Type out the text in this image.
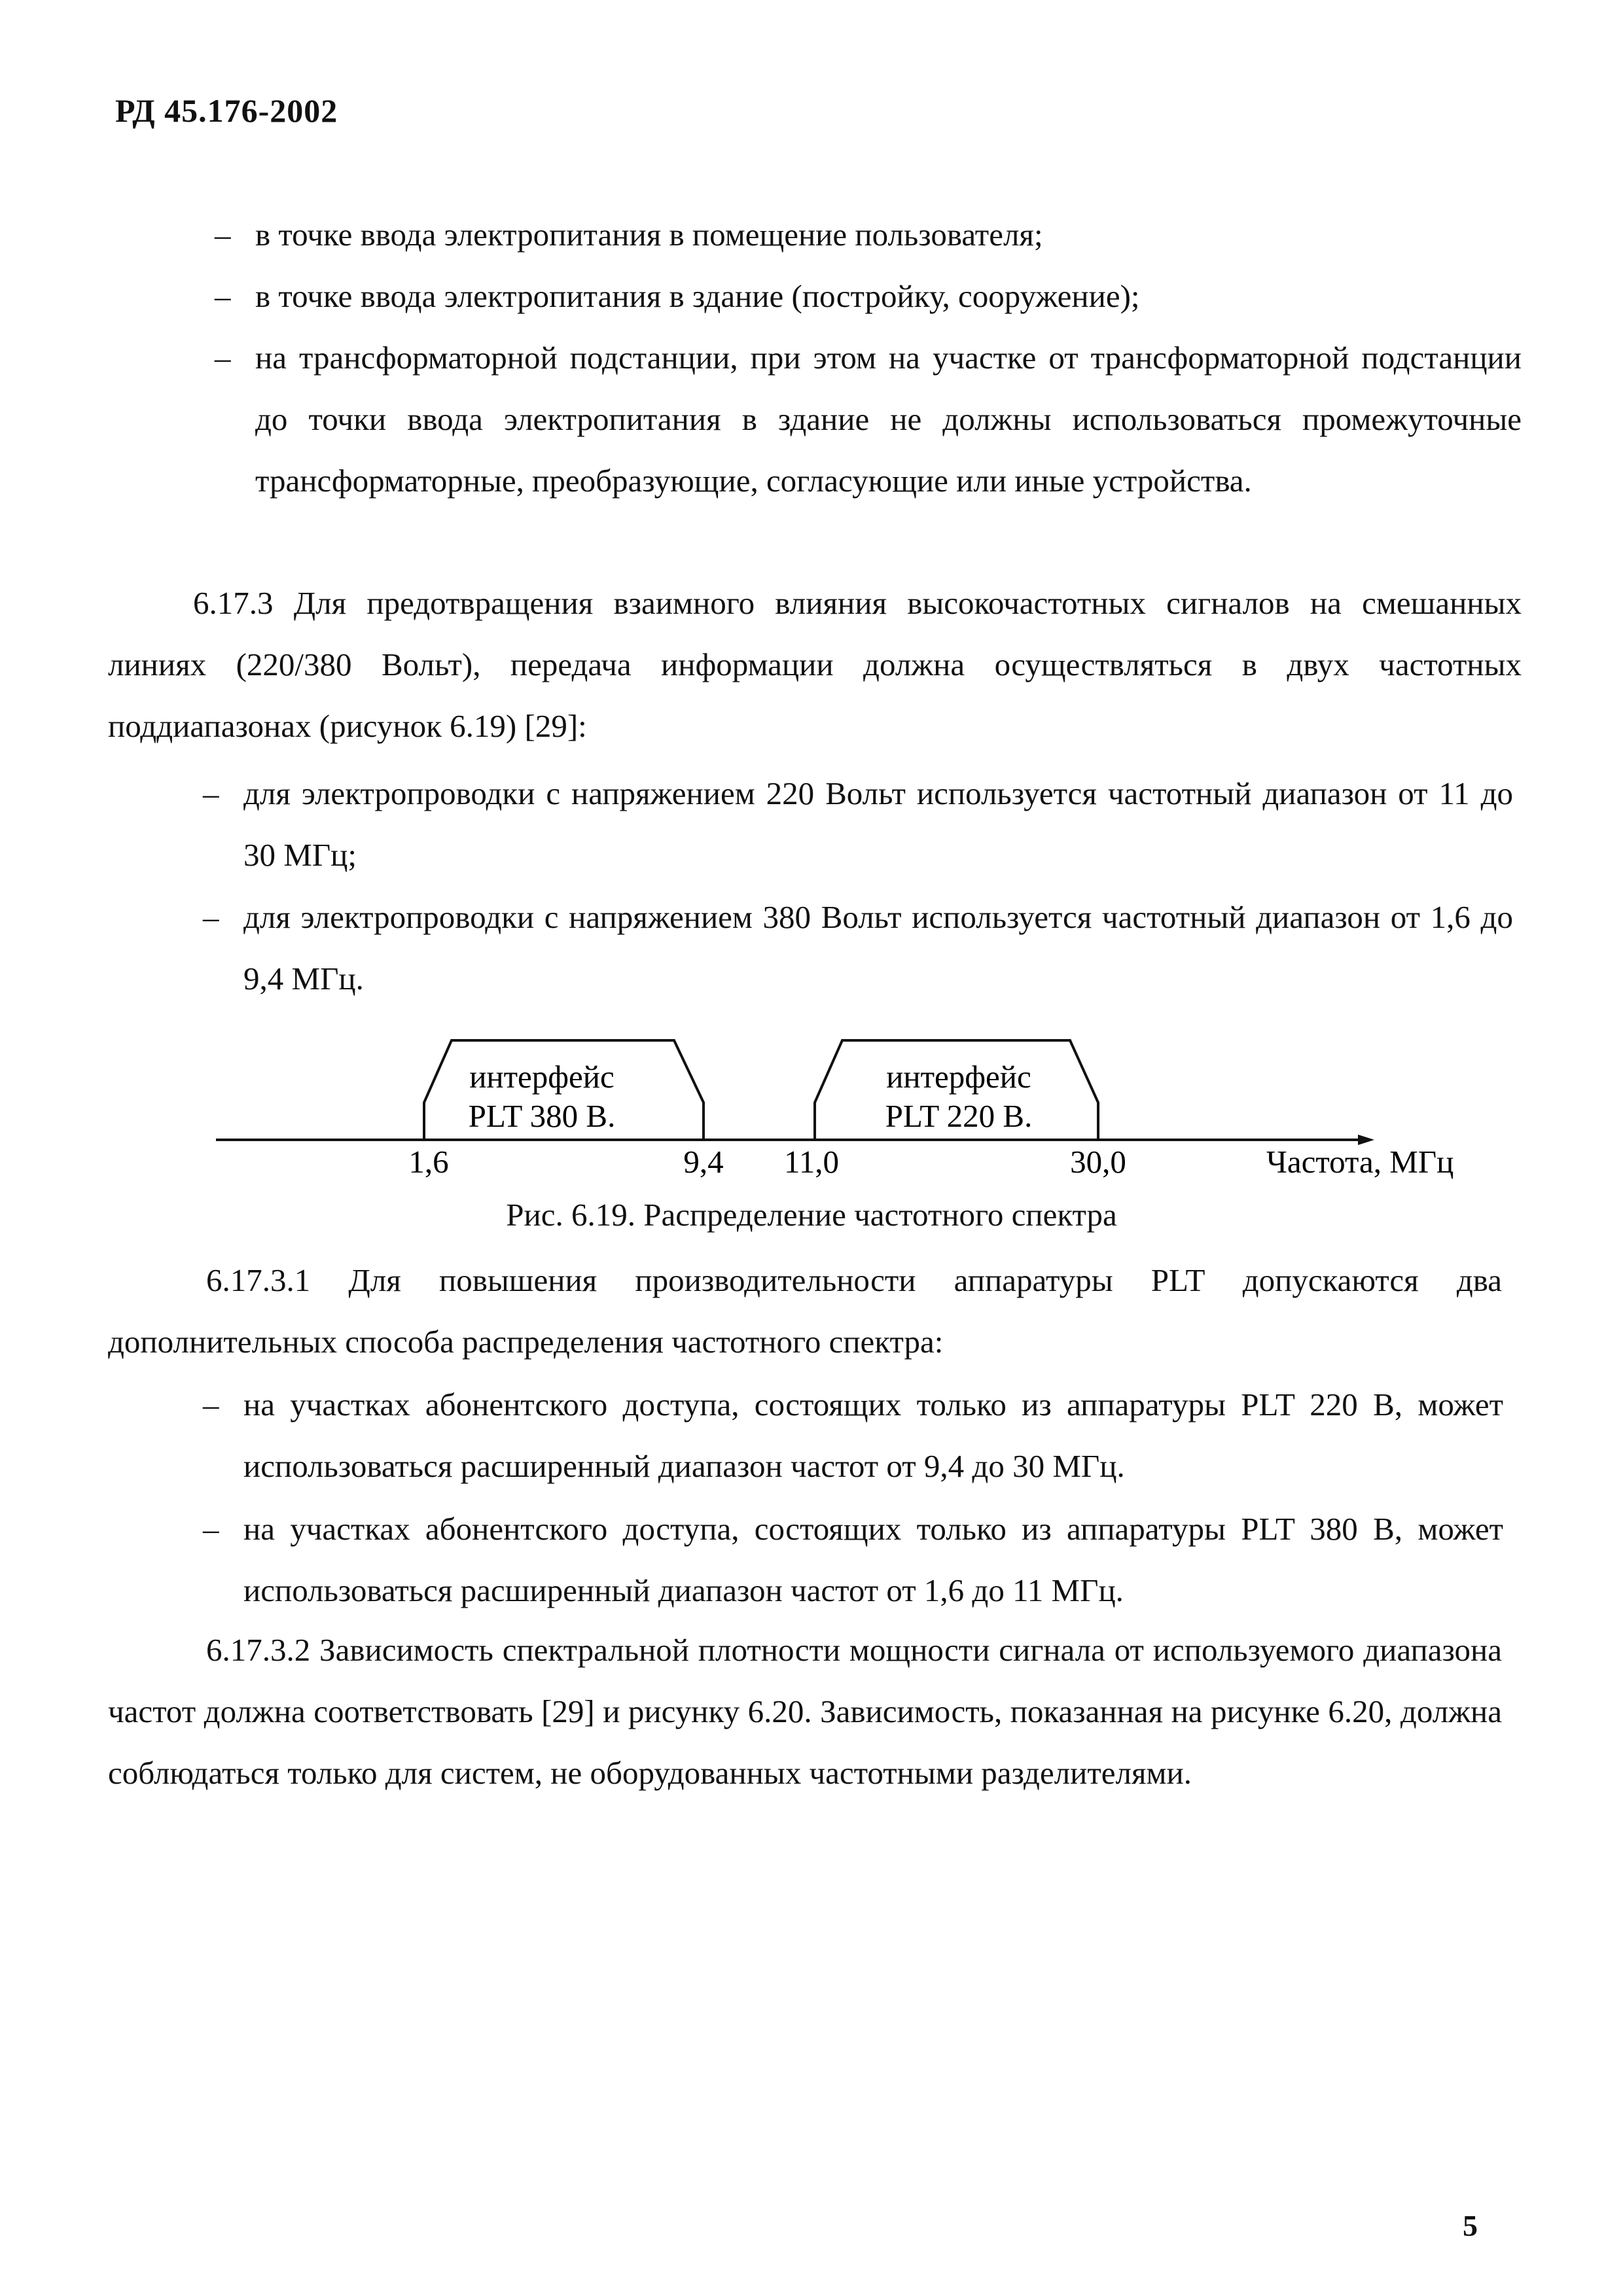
РД 45.176-2002
– в точке ввода электропитания в помещение пользователя;

– в точке ввода электропитания в здание (постройку, сооружение);

– на трансформаторной подстанции, при этом на участке от трансформаторной подстанции до точки ввода электропитания в здание не должны использоваться промежуточные трансформаторные, преобразующие, согласующие или иные устройства.

6.17.3 Для предотвращения взаимного влияния высокочастотных сигналов на смешанных линиях (220/380 Вольт), передача информации должна осуществляться в двух частотных поддиапазонах (рисунок 6.19) [29]:

– для электропроводки с напряжением 220 Вольт используется частотный диапазон от 11 до 30 МГц;

– для электропроводки с напряжением 380 Вольт используется частотный диапазон от 1,6 до 9,4 МГц.

интерфейс
PLT 380 В.
интерфейс
PLT 220 В.
1,6	9,4 11,0	30,0	Частота, МГц
Рис. 6.19. Распределение частотного спектра

6.17.3.1 Для повышения производительности аппаратуры PLT допускаются два дополнительных способа распределения частотного спектра:

– на участках абонентского доступа, состоящих только из аппаратуры PLT 220 В, может использоваться расширенный диапазон частот от 9,4 до 30 МГц.

– на участках абонентского доступа, состоящих только из аппаратуры PLT 380 В, может использоваться расширенный диапазон частот от 1,6 до 11 МГц.

6.17.3.2 Зависимость спектральной плотности мощности сигнала от используемого диапазона частот должна соответствовать [29] и рисунку 6.20. Зависимость, показанная на рисунке 6.20, должна соблюдаться только для систем, не оборудованных частотными разделителями.

5
